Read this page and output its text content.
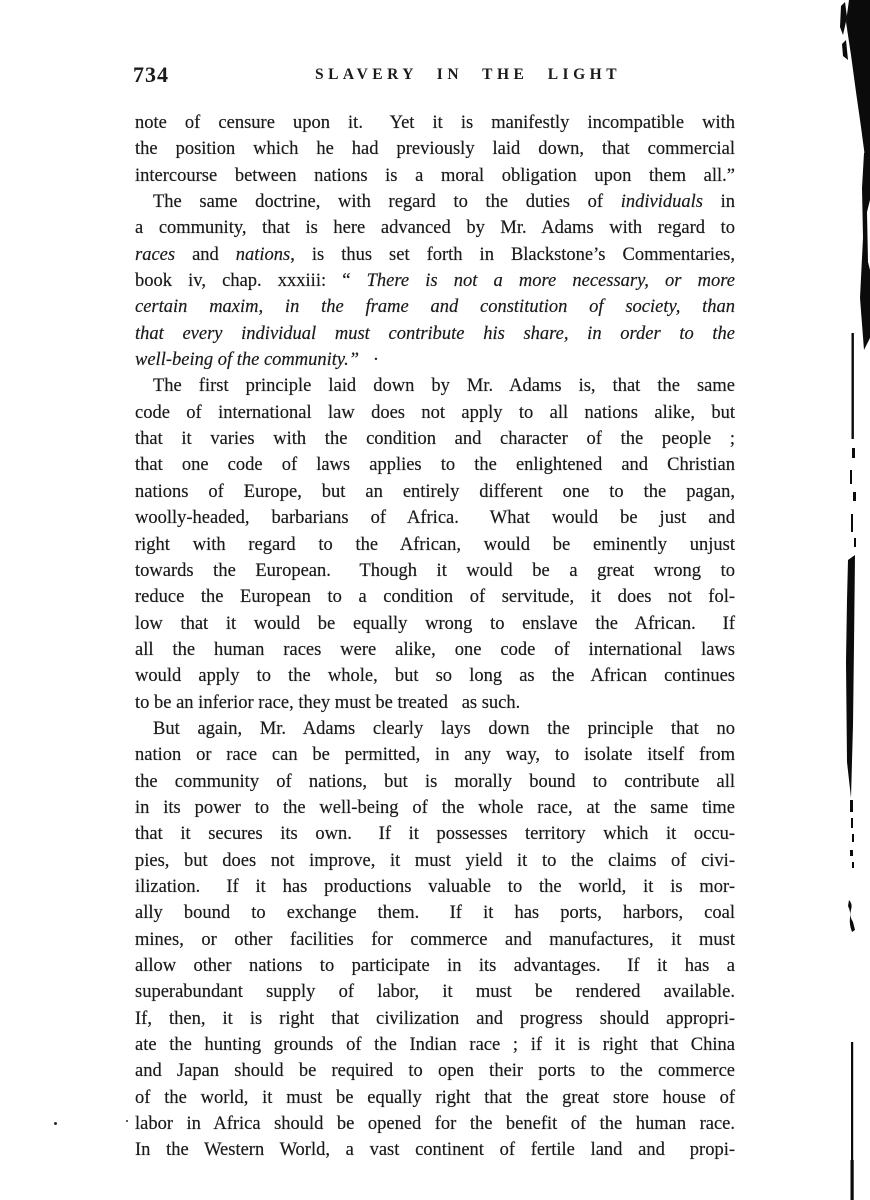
734	SLAVERY IN THE LIGHT
note of censure upon it.  Yet it is manifestly incompatible with
the position which he had previously laid down, that commercial
intercourse between nations is a moral obligation upon them all.”
The same doctrine, with regard to the duties of individuals in
a community, that is here advanced by Mr. Adams with regard to
races and nations, is thus set forth in Blackstone’s Commentaries,
book iv, chap. xxxiii: “ There is not a more necessary, or more
certain maxim, in the frame and constitution of society, than
that every individual must contribute his share, in order to the
well-being of the community.”  ·
The first principle laid down by Mr. Adams is, that the same
code of international law does not apply to all nations alike, but
that it varies with the condition and character of the people ;
that one code of laws applies to the enlightened and Christian
nations of Europe, but an entirely different one to the pagan,
woolly-headed, barbarians of Africa.  What would be just and
right with regard to the African, would be eminently unjust
towards the European.  Though it would be a great wrong to
reduce the European to a condition of servitude, it does not fol-
low that it would be equally wrong to enslave the African.  If
all the human races were alike, one code of international laws
would apply to the whole, but so long as the African continues
to be an inferior race, they must be treated  as such.
But again, Mr. Adams clearly lays down the principle that no
nation or race can be permitted, in any way, to isolate itself from
the community of nations, but is morally bound to contribute all
in its power to the well-being of the whole race, at the same time
that it secures its own.  If it possesses territory which it occu-
pies, but does not improve, it must yield it to the claims of civi-
ilization.  If it has productions valuable to the world, it is mor-
ally bound to exchange them.  If it has ports, harbors, coal
mines, or other facilities for commerce and manufactures, it must
allow other nations to participate in its advantages.  If it has a
superabundant supply of labor, it must be rendered available.
If, then, it is right that civilization and progress should appropri-
ate the hunting grounds of the Indian race ; if it is right that China
and Japan should be required to open their ports to the commerce
of the world, it must be equally right that the great store house of
labor in Africa should be opened for the benefit of the human race.
In the Western World, a vast continent of fertile land and  propi-
